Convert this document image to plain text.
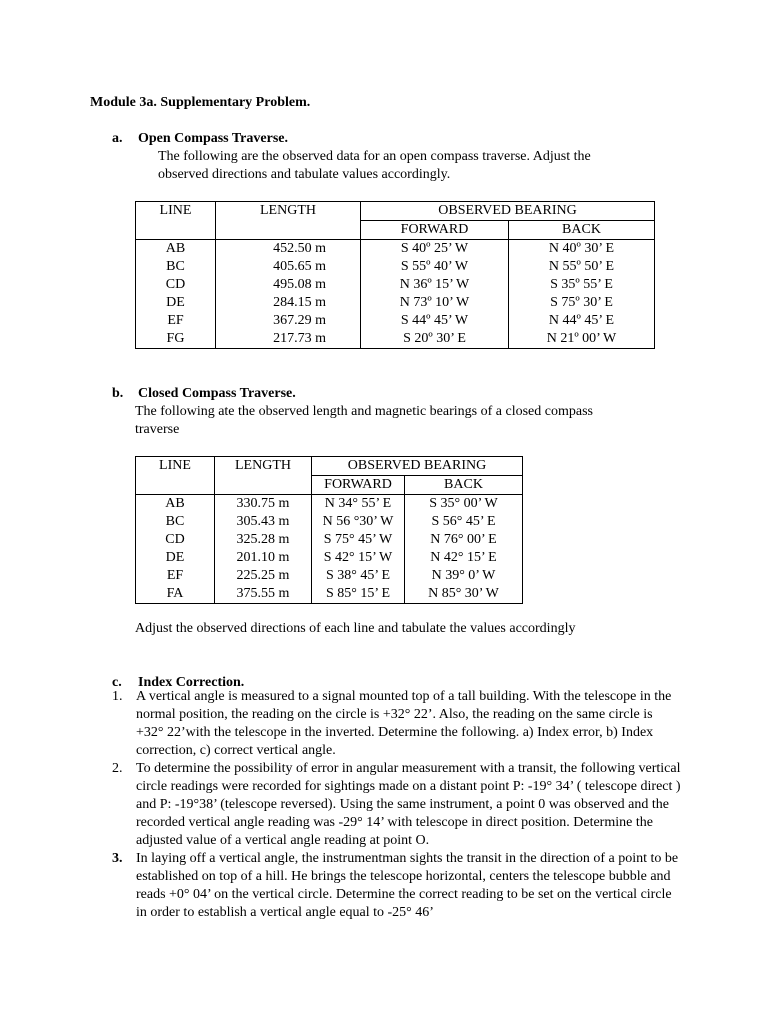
Module 3a. Supplementary Problem.
a. Open Compass Traverse.
The following are the observed data for an open compass traverse. Adjust the
observed directions and tabulate values accordingly.
LINE	LENGTH	OBSERVED BEARING	
		FORWARD	BACK
AB	452.50 m	S 40º 25’ W	N 40º 30’ E
BC	405.65 m	S 55º 40’ W	N 55º 50’ E
CD	495.08 m	N 36º 15’ W	S 35º 55’ E
DE	284.15 m	N 73º 10’ W	S 75º 30’ E
EF	367.29 m	S 44º 45’ W	N 44º 45’ E
FG	217.73 m	S 20º 30’ E	N 21º 00’ W
b. Closed Compass Traverse.
The following ate the observed length and magnetic bearings of a closed compass
traverse
LINE	LENGTH	OBSERVED BEARING	
		FORWARD	BACK
AB	330.75 m	N 34° 55’ E	S 35° 00’ W
BC	305.43 m	N 56 °30’ W	S 56° 45’ E
CD	325.28 m	S 75° 45’ W	N 76° 00’ E
DE	201.10 m	S 42° 15’ W	N 42° 15’ E
EF	225.25 m	S 38° 45’ E	N 39° 0’ W
FA	375.55 m	S 85° 15’ E	N 85° 30’ W
Adjust the observed directions of each line and tabulate the values accordingly
c. Index Correction.
1. A vertical angle is measured to a signal mounted top of a tall building. With the telescope in the normal position, the reading on the circle is +32° 22’. Also, the reading on the same circle is +32° 22’with the telescope in the inverted. Determine the following. a) Index error, b) Index correction, c) correct vertical angle.
2. To determine the possibility of error in angular measurement with a transit, the following vertical circle readings were recorded for sightings made on a distant point P: -19° 34’ ( telescope direct ) and P: -19°38’ (telescope reversed). Using the same instrument, a point 0 was observed and the recorded vertical angle reading was -29° 14’ with telescope in direct position. Determine the adjusted value of a vertical angle reading at point O.
3. In laying off a vertical angle, the instrumentman sights the transit in the direction of a point to be established on top of a hill. He brings the telescope horizontal, centers the telescope bubble and reads +0° 04’ on the vertical circle. Determine the correct reading to be set on the vertical circle in order to establish a vertical angle equal to -25° 46’
